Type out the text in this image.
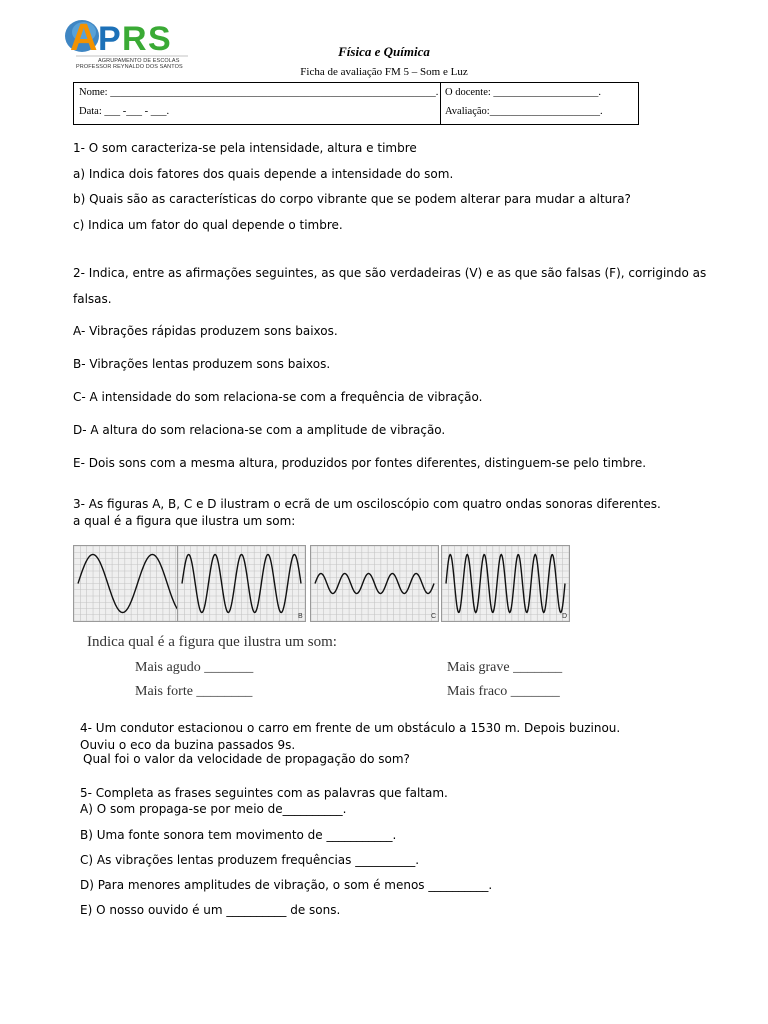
A P R S
AGRUPAMENTO DE ESCOLAS
PROFESSOR REYNALDO DOS SANTOS
Física e Química
Ficha de avaliação FM 5 – Som e Luz
Nome: ______________________________________________________________.
Data: ___ -___ - ___.
O docente: ____________________.
Avaliação:_____________________.
1- O som caracteriza-se pela intensidade, altura e timbre
a) Indica dois fatores dos quais depende a intensidade do som.
b) Quais são as características do corpo vibrante que se podem alterar para mudar a altura?
c) Indica um fator do qual depende o timbre.
2- Indica, entre as afirmações seguintes, as que são verdadeiras (V) e as que são falsas (F), corrigindo as
falsas.
A- Vibrações rápidas produzem sons baixos.
B- Vibrações lentas produzem sons baixos.
C- A intensidade do som relaciona-se com a frequência de vibração.
D- A altura do som relaciona-se com a amplitude de vibração.
E- Dois sons com a mesma altura, produzidos por fontes diferentes, distinguem-se pelo timbre.
3- As figuras A, B, C e D ilustram o ecrã de um osciloscópio com quatro ondas sonoras diferentes.
a qual é a figura que ilustra um som:
B	C	D
Indica qual é a figura que ilustra um som:
Mais agudo _______	Mais grave _______
Mais forte ________	Mais fraco _______
4- Um condutor estacionou o carro em frente de um obstáculo a 1530 m. Depois buzinou.
Ouviu o eco da buzina passados 9s.
Qual foi o valor da velocidade de propagação do som?
5- Completa as frases seguintes com as palavras que faltam.
A) O som propaga-se por meio de__________.
B) Uma fonte sonora tem movimento de ___________.
C) As vibrações lentas produzem frequências __________.
D) Para menores amplitudes de vibração, o som é menos __________.
E) O nosso ouvido é um __________ de sons.
